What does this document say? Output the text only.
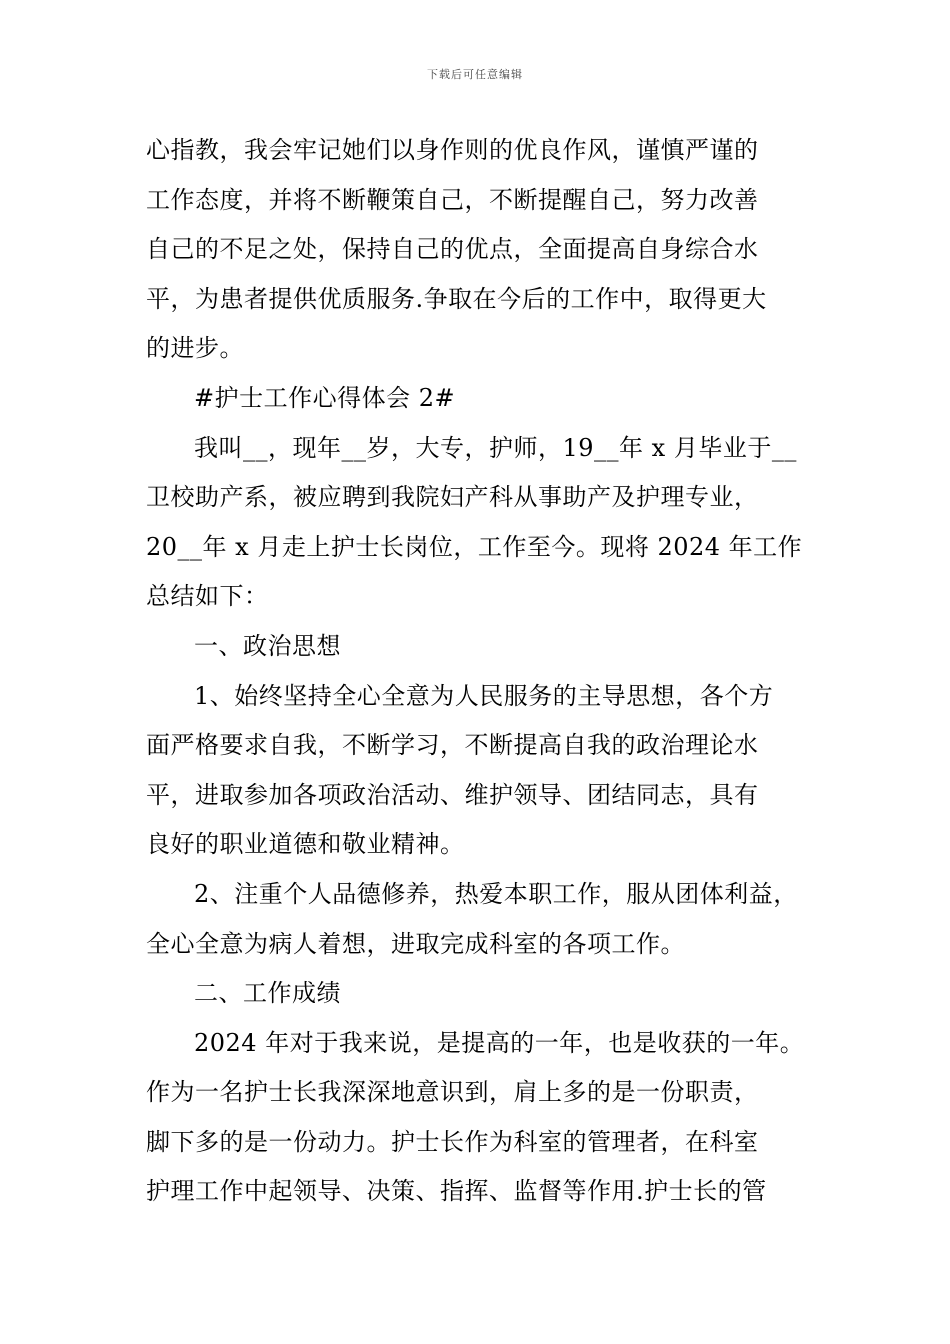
下载后可任意编辑
心指教，我会牢记她们以身作则的优良作风，谨慎严谨的
工作态度，并将不断鞭策自己，不断提醒自己，努力改善
自己的不足之处，保持自己的优点，全面提高自身综合水
平，为患者提供优质服务.争取在今后的工作中，取得更大
的进步。
#护士工作心得体会 2#
我叫__，现年__岁，大专，护师，19__年 x 月毕业于__
卫校助产系，被应聘到我院妇产科从事助产及护理专业，
20__年 x 月走上护士长岗位，工作至今。现将 2024 年工作
总结如下：
一、政治思想
1、始终坚持全心全意为人民服务的主导思想，各个方
面严格要求自我，不断学习，不断提高自我的政治理论水
平，进取参加各项政治活动、维护领导、团结同志，具有
良好的职业道德和敬业精神。
2、注重个人品德修养，热爱本职工作，服从团体利益，
全心全意为病人着想，进取完成科室的各项工作。
二、工作成绩
2024 年对于我来说，是提高的一年，也是收获的一年。
作为一名护士长我深深地意识到，肩上多的是一份职责，
脚下多的是一份动力。护士长作为科室的管理者，在科室
护理工作中起领导、决策、指挥、监督等作用.护士长的管
